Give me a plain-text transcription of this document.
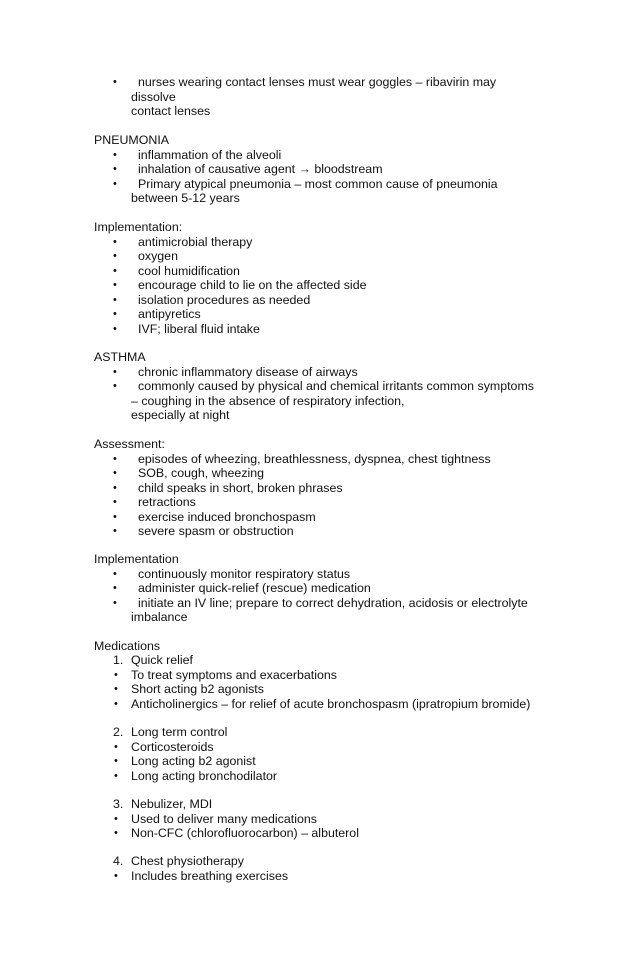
• nurses wearing contact lenses must wear goggles – ribavirin may
dissolve
contact lenses
PNEUMONIA
• inflammation of the alveoli
• inhalation of causative agent → bloodstream
• Primary atypical pneumonia – most common cause of pneumonia
between 5-12 years
Implementation:
• antimicrobial therapy
• oxygen
• cool humidification
• encourage child to lie on the affected side
• isolation procedures as needed
• antipyretics
• IVF; liberal fluid intake
ASTHMA
• chronic inflammatory disease of airways
• commonly caused by physical and chemical irritants common symptoms
– coughing in the absence of respiratory infection,
especially at night
Assessment:
• episodes of wheezing, breathlessness, dyspnea, chest tightness
• SOB, cough, wheezing
• child speaks in short, broken phrases
• retractions
• exercise induced bronchospasm
• severe spasm or obstruction
Implementation
• continuously monitor respiratory status
• administer quick-relief (rescue) medication
• initiate an IV line; prepare to correct dehydration, acidosis or electrolyte
imbalance
Medications
1. Quick relief
• To treat symptoms and exacerbations
• Short acting b2 agonists
• Anticholinergics – for relief of acute bronchospasm (ipratropium bromide)
2. Long term control
• Corticosteroids
• Long acting b2 agonist
• Long acting bronchodilator
3. Nebulizer, MDI
• Used to deliver many medications
• Non-CFC (chlorofluorocarbon) – albuterol
4. Chest physiotherapy
• Includes breathing exercises
